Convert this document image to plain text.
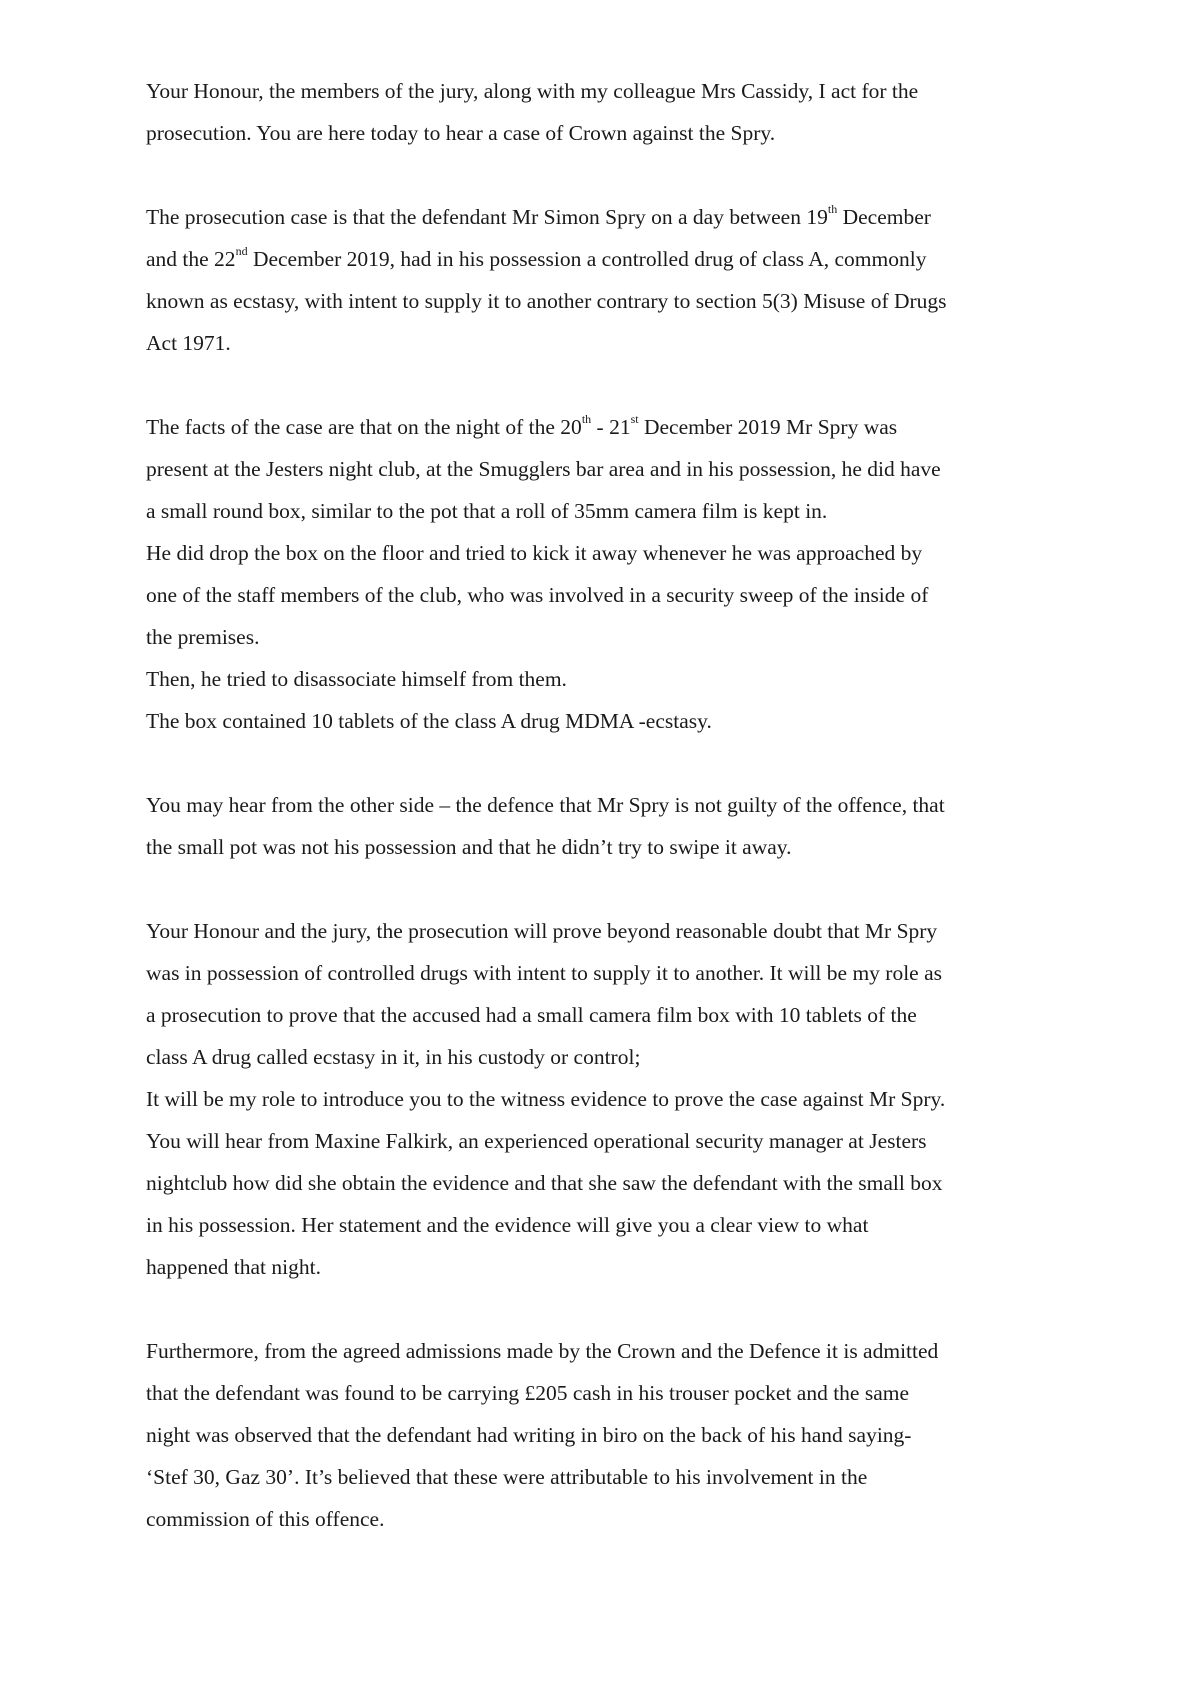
Your Honour, the members of the jury, along with my colleague Mrs Cassidy, I act for the
prosecution. You are here today to hear a case of Crown against the Spry.

The prosecution case is that the defendant Mr Simon Spry on a day between 19th December
and the 22nd December 2019, had in his possession a controlled drug of class A, commonly
known as ecstasy, with intent to supply it to another contrary to section 5(3) Misuse of Drugs
Act 1971.

The facts of the case are that on the night of the 20th - 21st December 2019 Mr Spry was
present at the Jesters night club, at the Smugglers bar area and in his possession, he did have
a small round box, similar to the pot that a roll of 35mm camera film is kept in.
He did drop the box on the floor and tried to kick it away whenever he was approached by
one of the staff members of the club, who was involved in a security sweep of the inside of
the premises.
Then, he tried to disassociate himself from them.
The box contained 10 tablets of the class A drug MDMA -ecstasy.

You may hear from the other side – the defence that Mr Spry is not guilty of the offence, that
the small pot was not his possession and that he didn’t try to swipe it away.

Your Honour and the jury, the prosecution will prove beyond reasonable doubt that Mr Spry
was in possession of controlled drugs with intent to supply it to another. It will be my role as
a prosecution to prove that the accused had a small camera film box with 10 tablets of the
class A drug called ecstasy in it, in his custody or control;
It will be my role to introduce you to the witness evidence to prove the case against Mr Spry.
You will hear from Maxine Falkirk, an experienced operational security manager at Jesters
nightclub how did she obtain the evidence and that she saw the defendant with the small box
in his possession. Her statement and the evidence will give you a clear view to what
happened that night.

Furthermore, from the agreed admissions made by the Crown and the Defence it is admitted
that the defendant was found to be carrying £205 cash in his trouser pocket and the same
night was observed that the defendant had writing in biro on the back of his hand saying-
‘Stef 30, Gaz 30’. It’s believed that these were attributable to his involvement in the
commission of this offence.
